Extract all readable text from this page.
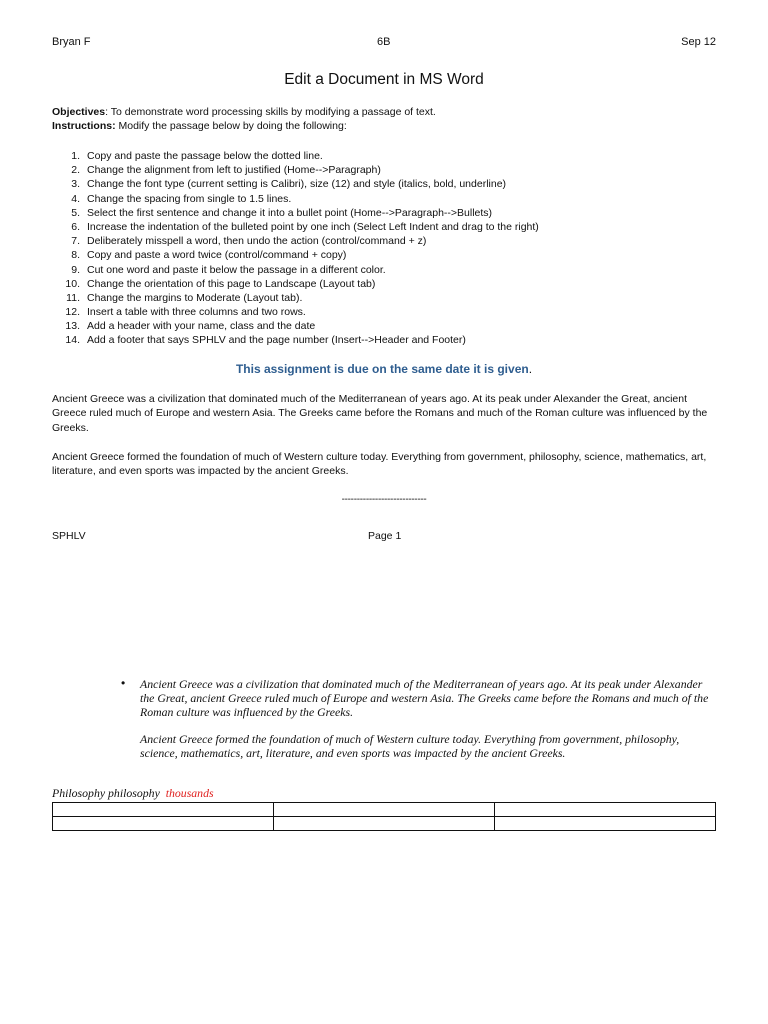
Bryan F	6B	Sep 12
Edit a Document in MS Word
Objectives: To demonstrate word processing skills by modifying a passage of text.
Instructions: Modify the passage below by doing the following:
1. Copy and paste the passage below the dotted line.
2. Change the alignment from left to justified (Home-->Paragraph)
3. Change the font type (current setting is Calibri), size (12) and style (italics, bold, underline)
4. Change the spacing from single to 1.5 lines.
5. Select the first sentence and change it into a bullet point (Home-->Paragraph-->Bullets)
6. Increase the indentation of the bulleted point by one inch (Select Left Indent and drag to the right)
7. Deliberately misspell a word, then undo the action (control/command + z)
8. Copy and paste a word twice (control/command + copy)
9. Cut one word and paste it below the passage in a different color.
10. Change the orientation of this page to Landscape (Layout tab)
11. Change the margins to Moderate (Layout tab).
12. Insert a table with three columns and two rows.
13. Add a header with your name, class and the date
14. Add a footer that says SPHLV and the page number (Insert-->Header and Footer)
This assignment is due on the same date it is given.
Ancient Greece was a civilization that dominated much of the Mediterranean of years ago. At its peak under Alexander the Great, ancient Greece ruled much of Europe and western Asia. The Greeks came before the Romans and much of the Roman culture was influenced by the Greeks.
Ancient Greece formed the foundation of much of Western culture today. Everything from government, philosophy, science, mathematics, art, literature, and even sports was impacted by the ancient Greeks.
----------------------------
SPHLV	Page 1
• Ancient Greece was a civilization that dominated much of the Mediterranean of years ago. At its peak under Alexander the Great, ancient Greece ruled much of Europe and western Asia. The Greeks came before the Romans and much of the Roman culture was influenced by the Greeks.
Ancient Greece formed the foundation of much of Western culture today. Everything from government, philosophy, science, mathematics, art, literature, and even sports was impacted by the ancient Greeks.
Philosophy philosophy thousands
